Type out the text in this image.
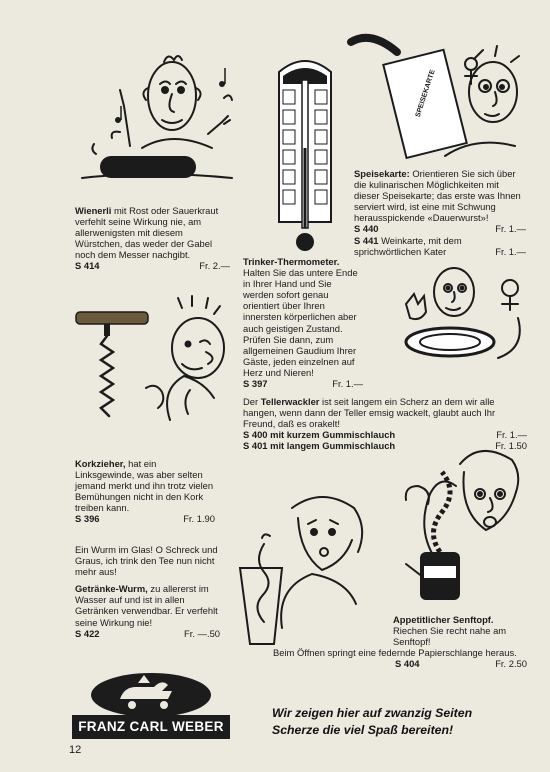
SPEISEKARTE

Wienerli mit Rost oder Sauerkraut verfehlt seine Wirkung nie, am allerwenigsten mit diesem Würstchen, das weder der Gabel noch dem Messer nachgibt.

S 414	Fr. 2.— Trinker-Thermometer.

Halten Sie das untere Ende in Ihrer Hand und Sie werden sofort genau orientiert über Ihren innersten körperlichen aber auch geistigen Zustand. Prüfen Sie dann, zum allgemeinen Gaudium Ihrer Gäste, jeden einzelnen auf Herz und Nieren!

S 397	Fr. 1.—

Speisekarte: Orientieren Sie sich über die kulinarischen Möglichkeiten mit dieser Speisekarte; das erste was Ihnen serviert wird, ist eine mit Schwung herausspickende «Dauerwurst»!

S 440	Fr. 1.—

S 441 Weinkarte, mit dem sprichwörtlichen Kater	Fr. 1.—

Korkzieher, hat ein Linksgewinde, was aber selten jemand merkt und ihn trotz vielen Bemühungen nicht in den Kork treiben kann.

S 396	Fr. 1.90

Der Tellerwackler ist seit langem ein Scherz an dem wir alle hangen, wenn dann der Teller emsig wackelt, glaubt auch Ihr Freund, daß es orakelt!

S 400 mit kurzem Gummischlauch	Fr. 1.—
S 401 mit langem Gummischlauch	Fr. 1.50

Ein Wurm im Glas! O Schreck und Graus, ich trink den Tee nun nicht mehr aus!

Getränke-Wurm, zu allererst im Wasser auf und ist in allen Getränken verwendbar. Er verfehlt seine Wirkung nie!

S 422	Fr. —.50

Appetitlicher Senftopf.

Riechen Sie recht nahe am Senftopf!

Beim Öffnen springt eine federnde Papierschlange heraus.

S 404	Fr. 2.50
FRANZ CARL WEBER
Wir zeigen hier auf zwanzig Seiten
Scherze die viel Spaß bereiten!
12
